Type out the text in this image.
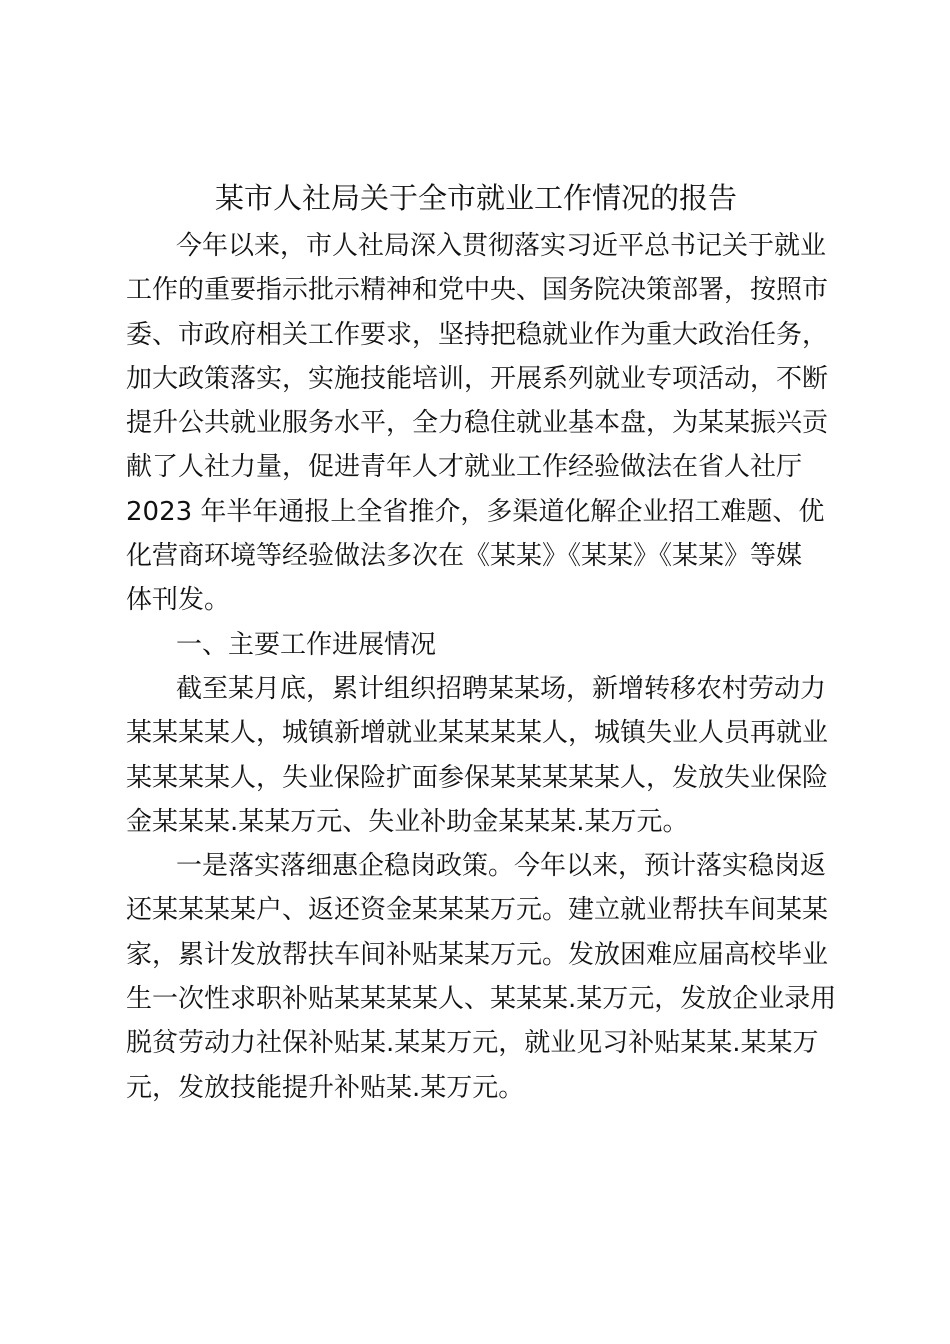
某市人社局关于全市就业工作情况的报告
今年以来，市人社局深入贯彻落实习近平总书记关于就业
工作的重要指示批示精神和党中央、国务院决策部署，按照市
委、市政府相关工作要求，坚持把稳就业作为重大政治任务，
加大政策落实，实施技能培训，开展系列就业专项活动，不断
提升公共就业服务水平，全力稳住就业基本盘，为某某振兴贡
献了人社力量，促进青年人才就业工作经验做法在省人社厅
2023 年半年通报上全省推介，多渠道化解企业招工难题、优
化营商环境等经验做法多次在《某某》《某某》《某某》等媒
体刊发。
一、主要工作进展情况
截至某月底，累计组织招聘某某场，新增转移农村劳动力
某某某某人，城镇新增就业某某某某人，城镇失业人员再就业
某某某某人，失业保险扩面参保某某某某某人，发放失业保险
金某某某.某某万元、失业补助金某某某.某万元。
一是落实落细惠企稳岗政策。今年以来，预计落实稳岗返
还某某某某户、返还资金某某某万元。建立就业帮扶车间某某
家，累计发放帮扶车间补贴某某万元。发放困难应届高校毕业
生一次性求职补贴某某某某人、某某某.某万元，发放企业录用
脱贫劳动力社保补贴某.某某万元，就业见习补贴某某.某某万
元，发放技能提升补贴某.某万元。
